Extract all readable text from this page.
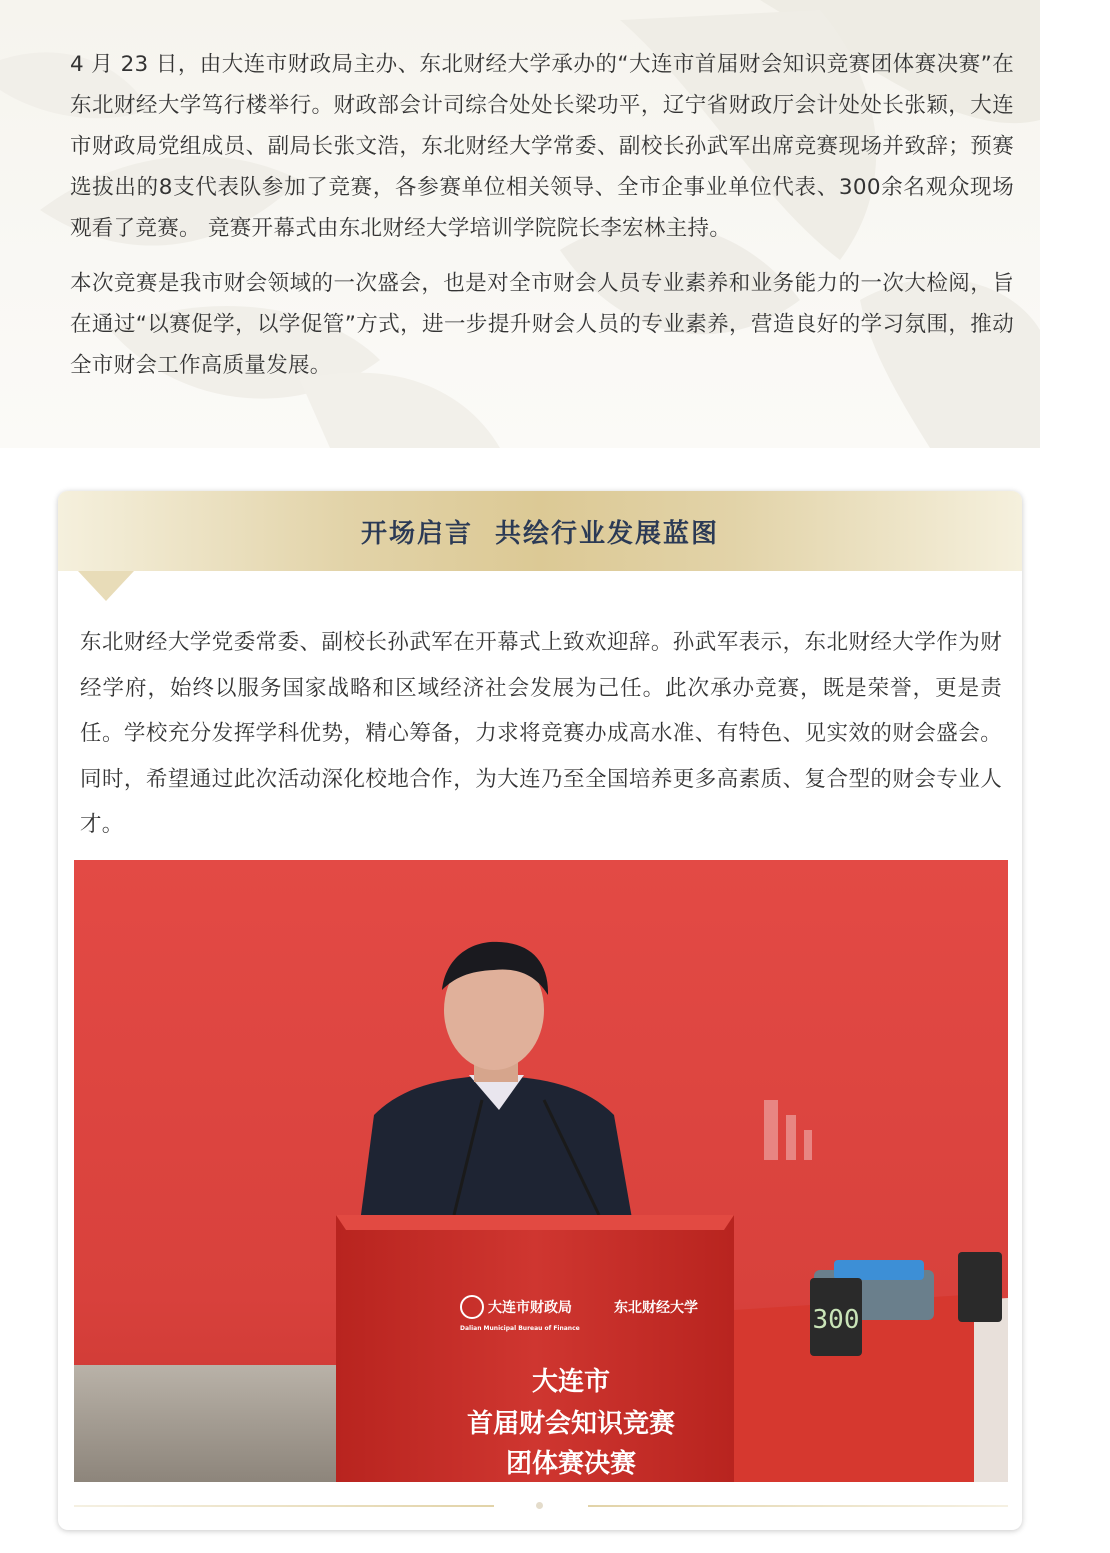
4 月 23 日，由大连市财政局主办、东北财经大学承办的“大连市首届财会知识竞赛团体赛决赛”在东北财经大学笃行楼举行。财政部会计司综合处处长梁功平，辽宁省财政厅会计处处长张颖，大连市财政局党组成员、副局长张文浩，东北财经大学常委、副校长孙武军出席竞赛现场并致辞；预赛选拔出的8支代表队参加了竞赛，各参赛单位相关领导、全市企事业单位代表、300余名观众现场观看了竞赛。 竞赛开幕式由东北财经大学培训学院院长李宏林主持。

本次竞赛是我市财会领域的一次盛会，也是对全市财会人员专业素养和业务能力的一次大检阅，旨在通过“以赛促学，以学促管”方式，进一步提升财会人员的专业素养，营造良好的学习氛围，推动全市财会工作高质量发展。

开场启言  共绘行业发展蓝图

东北财经大学党委常委、副校长孙武军在开幕式上致欢迎辞。孙武军表示，东北财经大学作为财经学府，始终以服务国家战略和区域经济社会发展为己任。此次承办竞赛，既是荣誉，更是责任。学校充分发挥学科优势，精心筹备，力求将竞赛办成高水准、有特色、见实效的财会盛会。同时，希望通过此次活动深化校地合作，为大连乃至全国培养更多高素质、复合型的财会专业人才。

大连市财政局
Dalian Municipal Bureau of Finance
东北财经大学
大连市
首届财会知识竞赛
团体赛决赛
300
